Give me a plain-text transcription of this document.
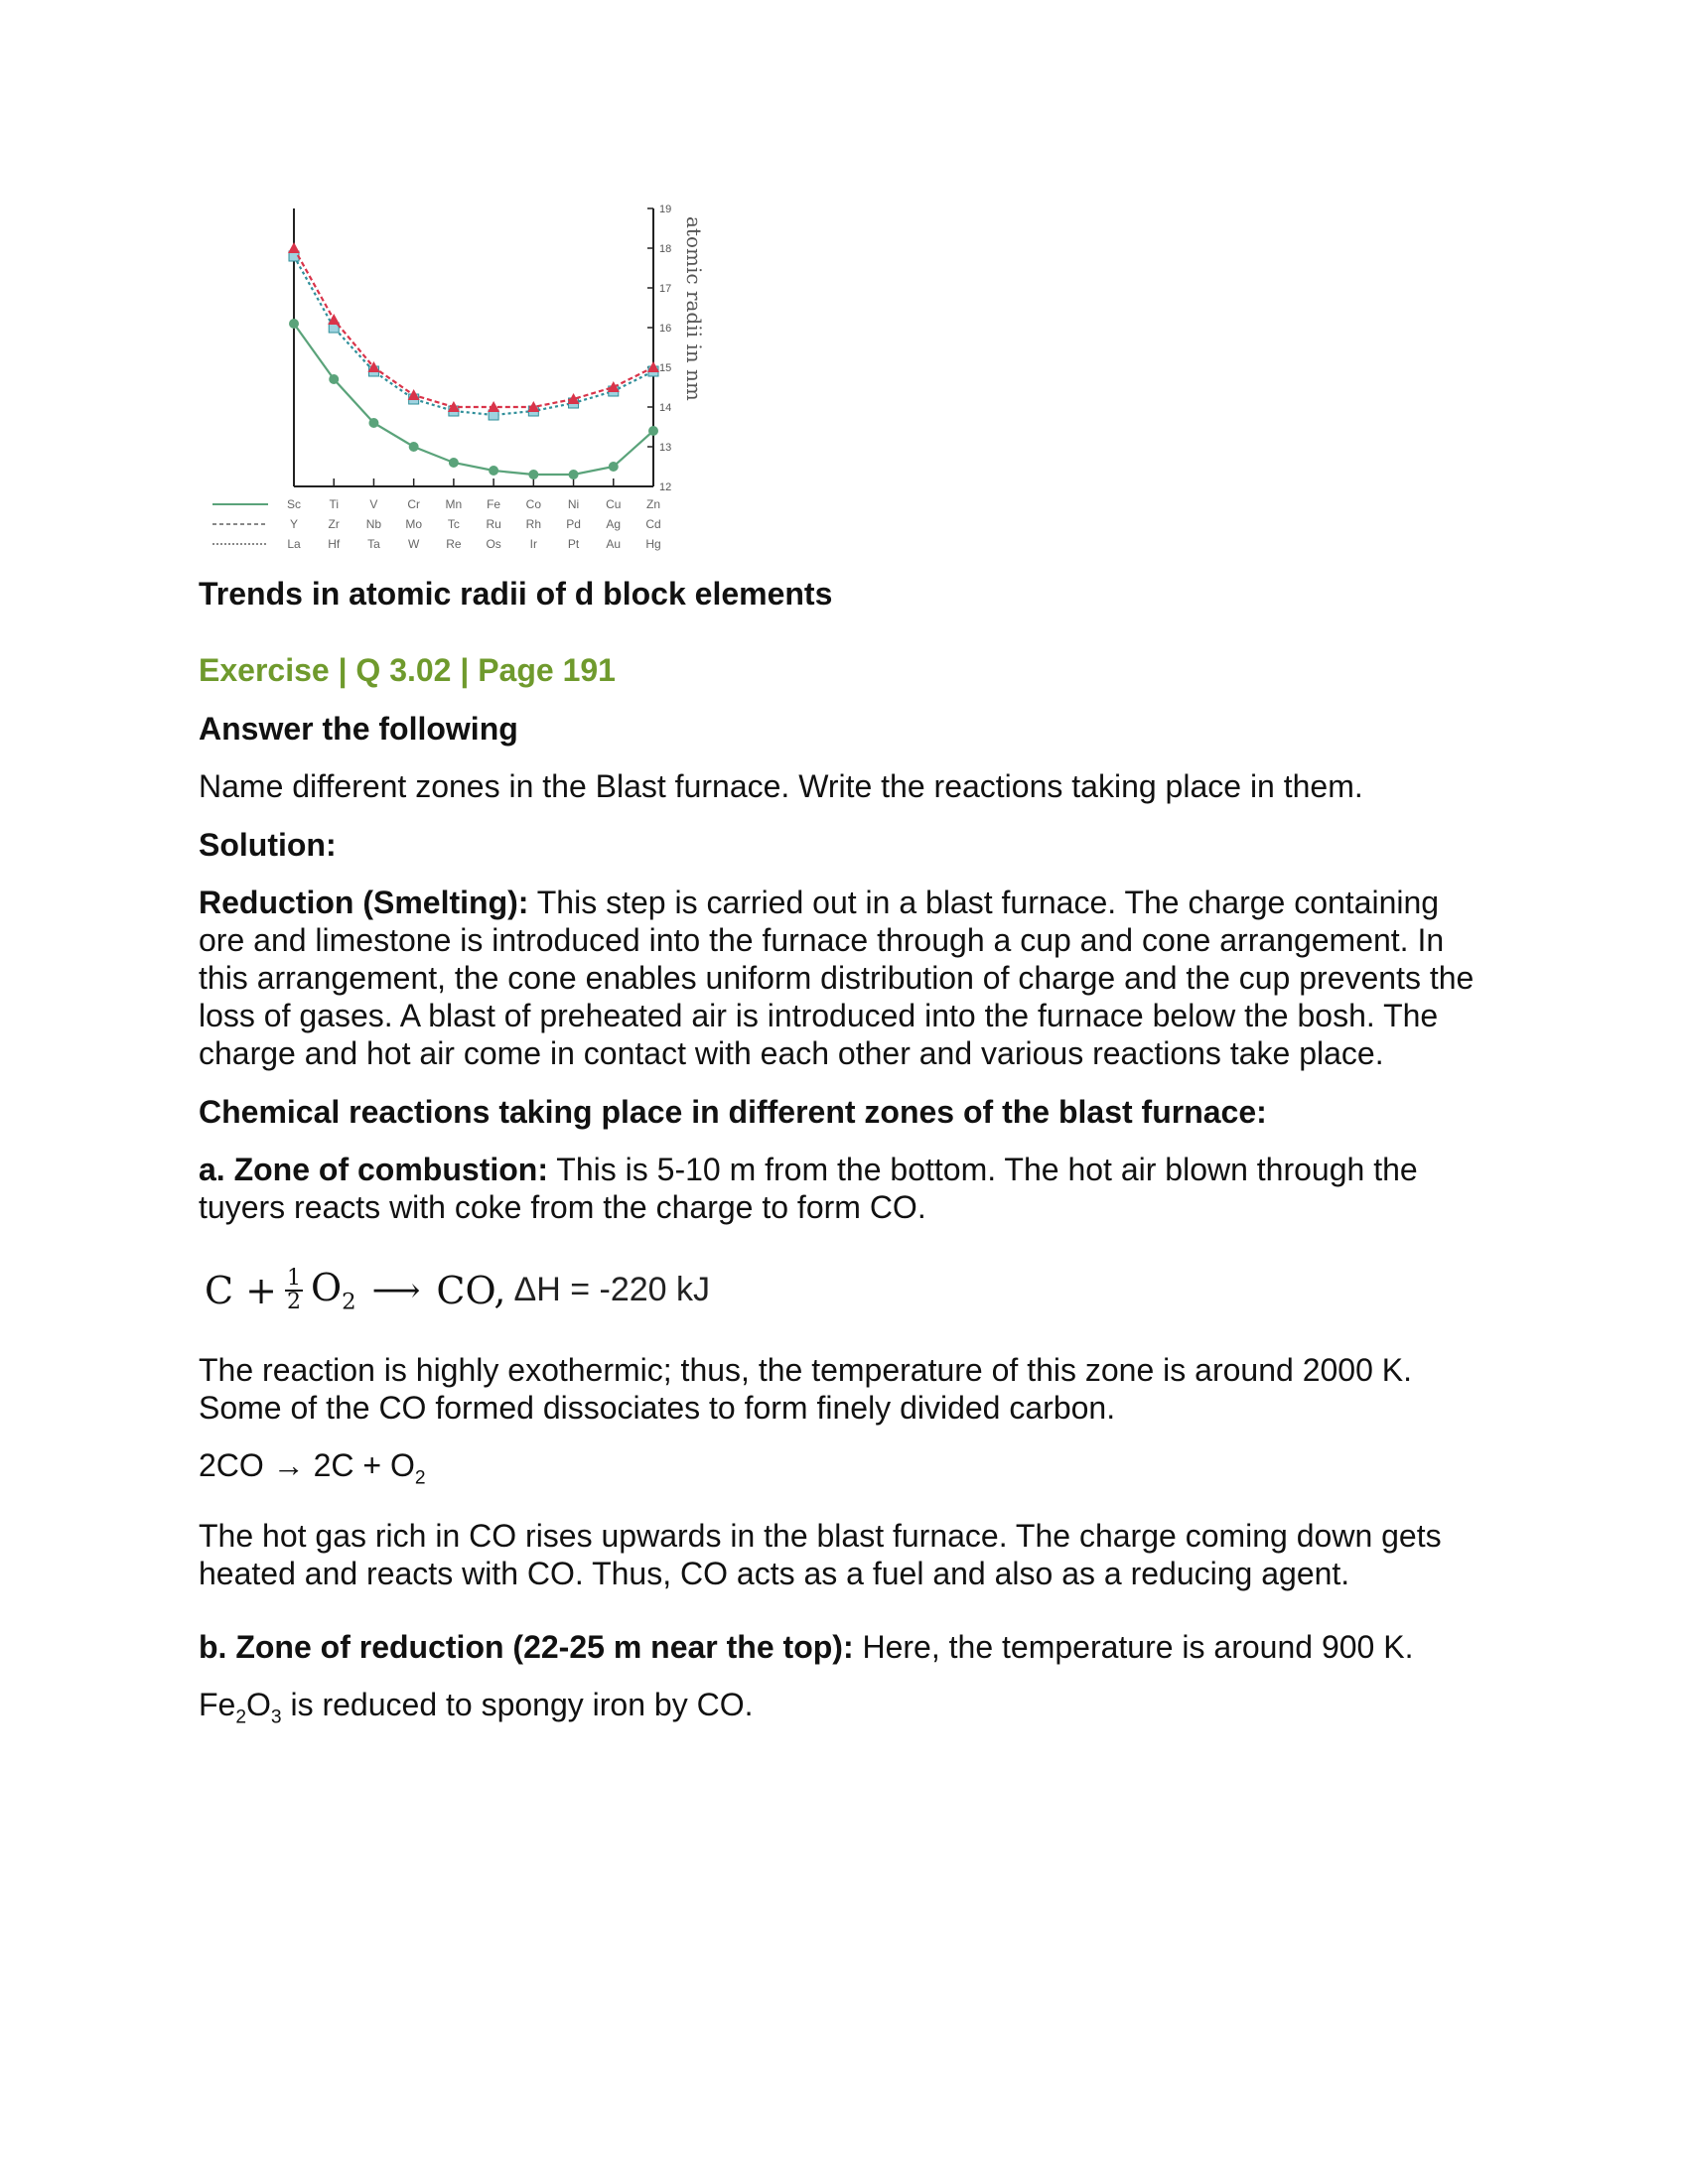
19
18
17
16
15
14
13
12
atomic radii in nm
Sc
Y
La
Ti
Zr
Hf
V
Nb
Ta
Cr
Mo
W
Mn
Tc
Re
Fe
Ru
Os
Co
Rh
Ir
Ni
Pd
Pt
Cu
Ag
Au
Zn
Cd
Hg
Trends in atomic radii of d block elements
Exercise | Q 3.02 | Page 191
Answer the following
Name different zones in the Blast furnace. Write the reactions taking place in them.
Solution:
Reduction (Smelting): This step is carried out in a blast furnace. The charge containing ore and limestone is introduced into the furnace through a cup and cone arrangement. In this arrangement, the cone enables uniform distribution of charge and the cup prevents the loss of gases. A blast of preheated air is introduced into the furnace below the bosh. The charge and hot air come in contact with each other and various reactions take place.
Chemical reactions taking place in different zones of the blast furnace:
a. Zone of combustion: This is 5-10 m from the bottom. The hot air blown through the tuyers reacts with coke from the charge to form CO.
$C + \frac{1}{2} O_2$ ⟶ CO, ΔH = -220 kJ
The reaction is highly exothermic; thus, the temperature of this zone is around 2000 K. Some of the CO formed dissociates to form finely divided carbon.
$2CO \to 2C + O_2$
The hot gas rich in CO rises upwards in the blast furnace. The charge coming down gets heated and reacts with CO. Thus, CO acts as a fuel and also as a reducing agent.
b. Zone of reduction (22-25 m near the top): Here, the temperature is around 900 K.
$Fe_2O_3$ is reduced to spongy iron by CO.
